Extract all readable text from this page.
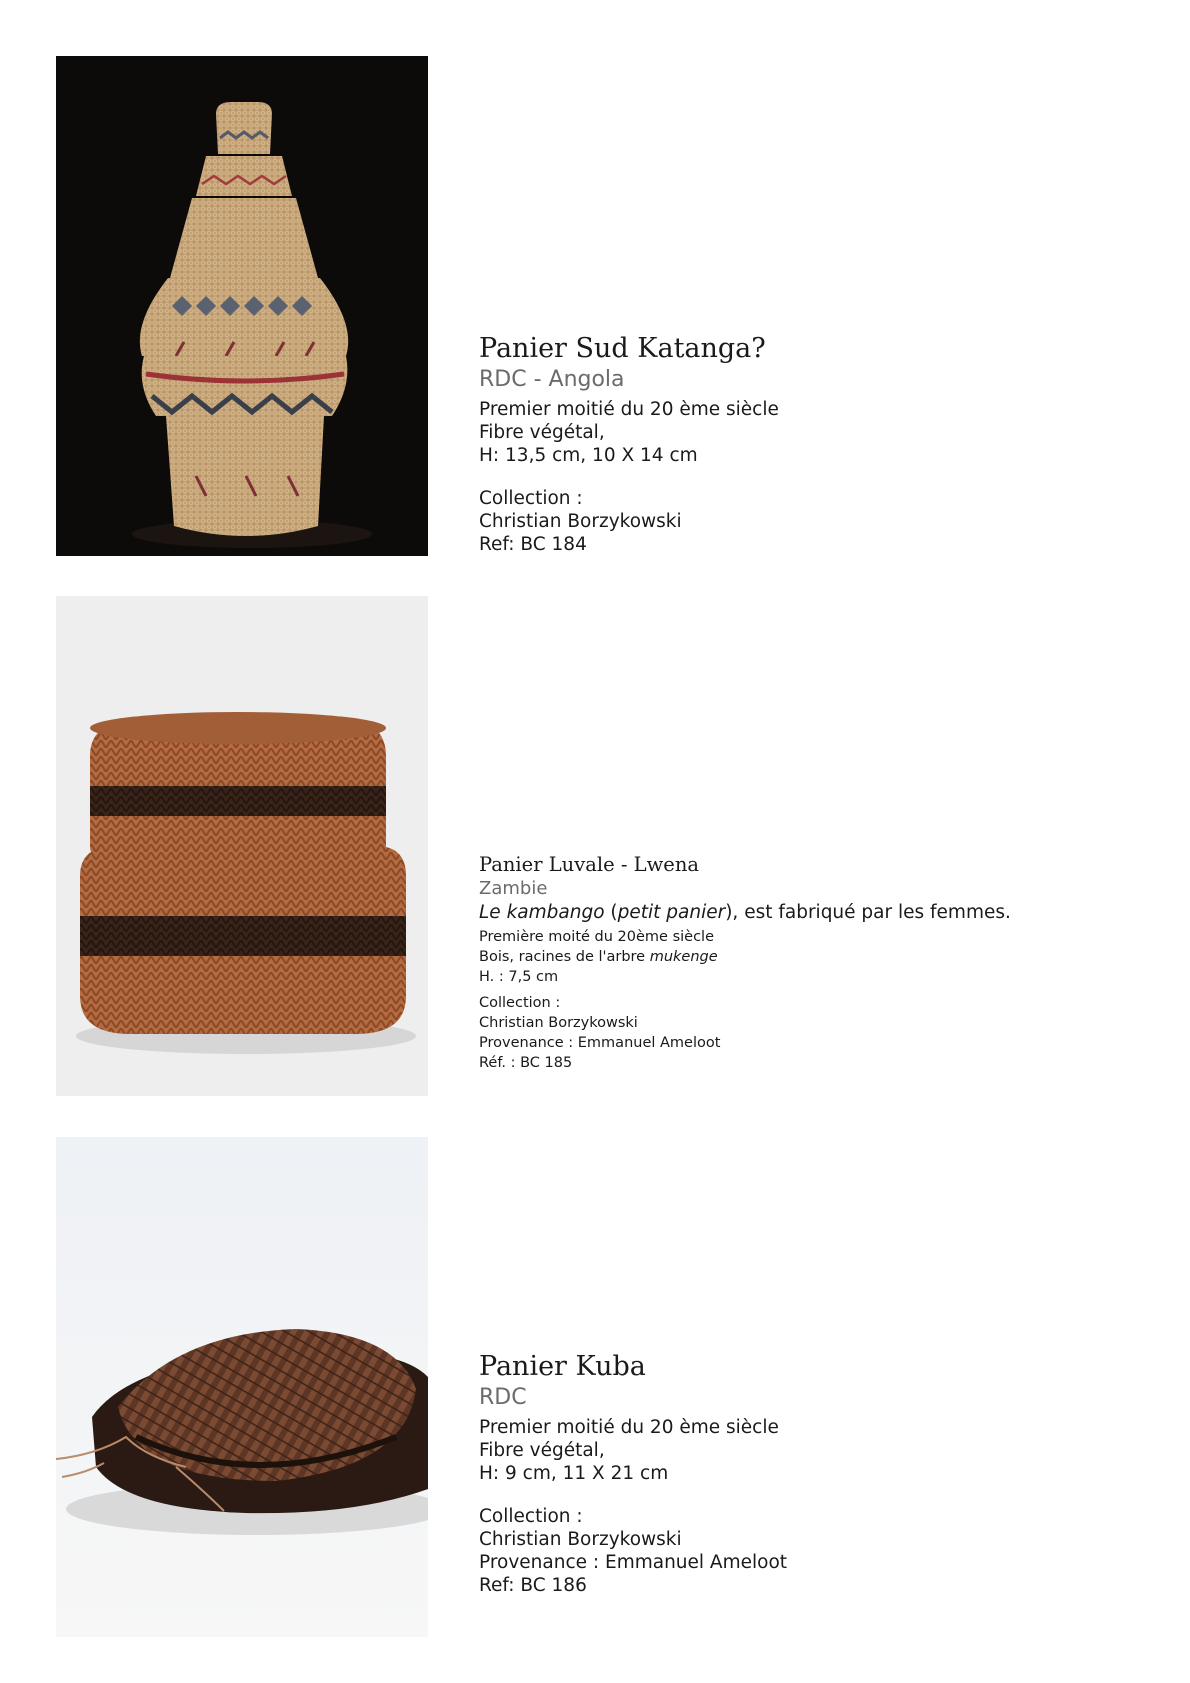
Panier Sud Katanga?

RDC - Angola

Premier moitié du 20 ème siècle

Fibre végétal,

H: 13,5 cm, 10 X 14 cm

Collection :

Christian Borzykowski

Ref: BC 184

Panier Luvale - Lwena

Zambie

Le kambango (petit panier), est fabriqué par les femmes.

Première moité du 20ème siècle

Bois, racines de l'arbre mukenge

H. : 7,5 cm

Collection :

Christian Borzykowski

Provenance : Emmanuel Ameloot

Réf. : BC 185

Panier Kuba

RDC

Premier moitié du 20 ème siècle

Fibre végétal,

H: 9 cm, 11 X 21 cm

Collection :

Christian Borzykowski

Provenance : Emmanuel Ameloot

Ref: BC 186
